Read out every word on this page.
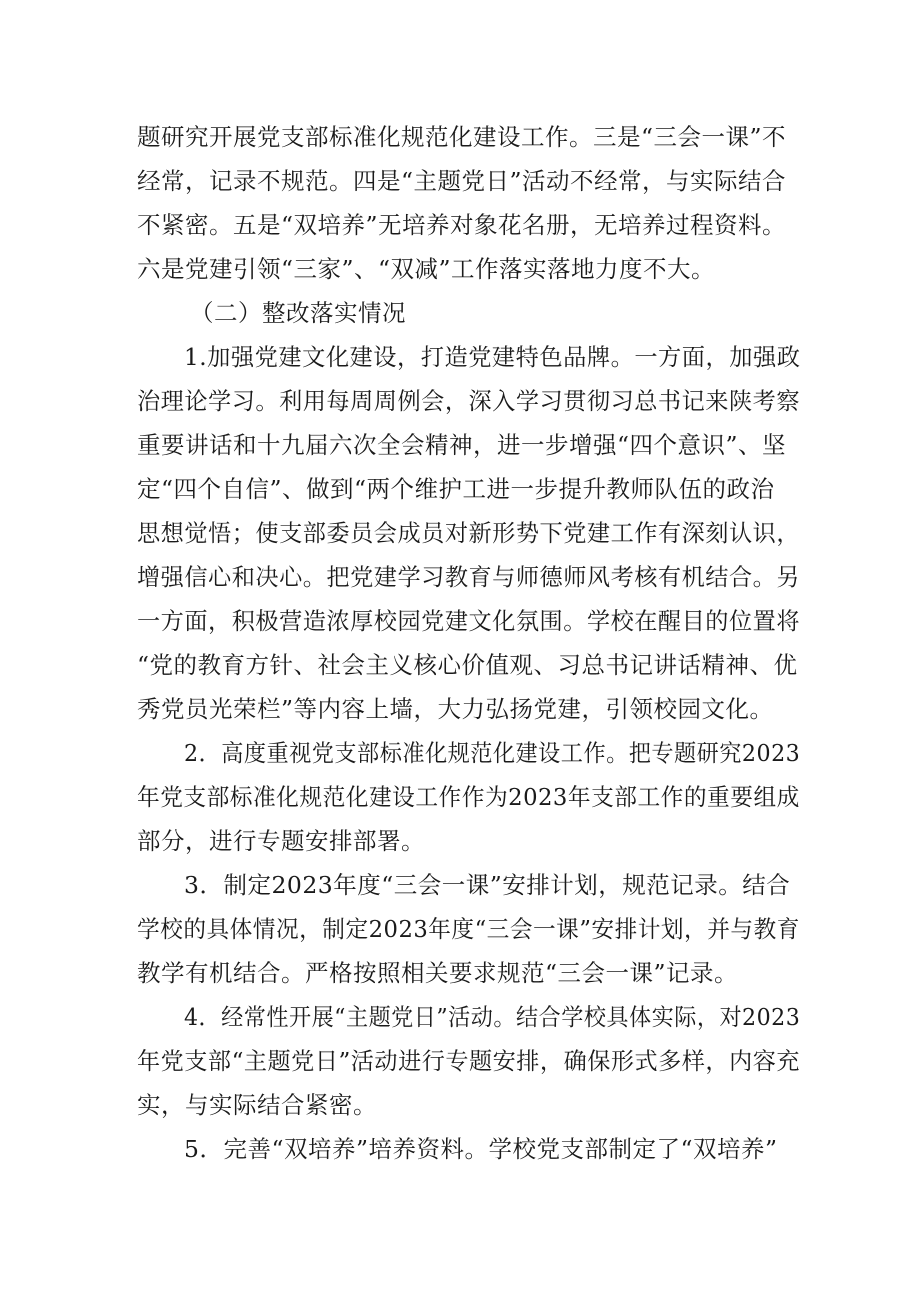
题研究开展党支部标准化规范化建设工作。三是“三会一课”不
经常，记录不规范。四是“主题党日”活动不经常，与实际结合
不紧密。五是“双培养”无培养对象花名册，无培养过程资料。
六是党建引领“三家”、“双减”工作落实落地力度不大。
（二）整改落实情况
1.加强党建文化建设，打造党建特色品牌。一方面，加强政
治理论学习。利用每周周例会，深入学习贯彻习总书记来陕考察
重要讲话和十九届六次全会精神，进一步增强“四个意识”、坚
定“四个自信”、做到“两个维护工进一步提升教师队伍的政治
思想觉悟；使支部委员会成员对新形势下党建工作有深刻认识，
增强信心和决心。把党建学习教育与师德师风考核有机结合。另
一方面，积极营造浓厚校园党建文化氛围。学校在醒目的位置将
“党的教育方针、社会主义核心价值观、习总书记讲话精神、优
秀党员光荣栏”等内容上墙，大力弘扬党建，引领校园文化。
2．高度重视党支部标准化规范化建设工作。把专题研究2023
年党支部标准化规范化建设工作作为2023年支部工作的重要组成
部分，进行专题安排部署。
3．制定2023年度“三会一课”安排计划，规范记录。结合
学校的具体情况，制定2023年度“三会一课”安排计划，并与教育
教学有机结合。严格按照相关要求规范“三会一课”记录。
4．经常性开展“主题党日”活动。结合学校具体实际，对2023
年党支部“主题党日”活动进行专题安排，确保形式多样，内容充
实，与实际结合紧密。
5．完善“双培养”培养资料。学校党支部制定了“双培养”
